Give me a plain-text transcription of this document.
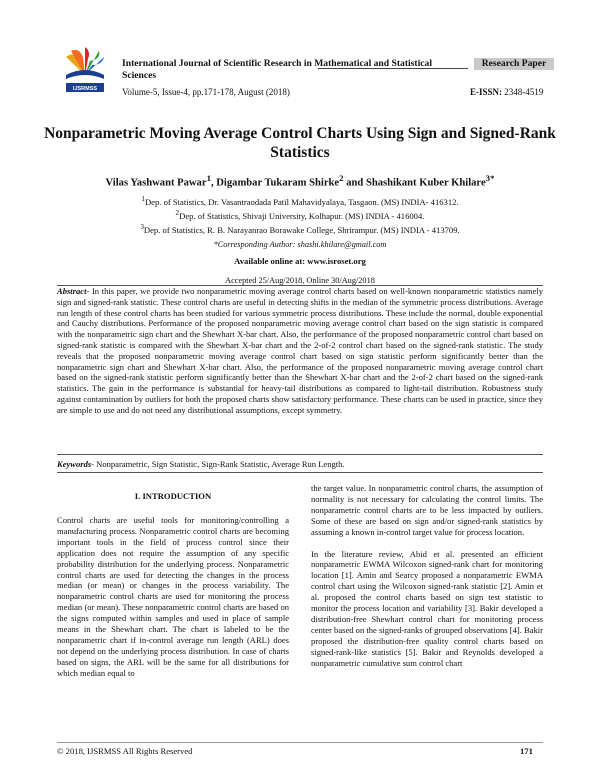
IJSRMSS
International Journal of Scientific Research in Mathematical and Statistical Sciences
Research Paper
Volume-5, Issue-4, pp.171-178, August (2018)	E-ISSN: 2348-4519
Nonparametric Moving Average Control Charts Using Sign and Signed-Rank Statistics
Vilas Yashwant Pawar$^1$, Digambar Tukaram Shirke$^2$ and Shashikant Kuber Khilare$^{3*}$
$^1$Dep. of Statistics, Dr. Vasantraodada Patil Mahavidyalaya, Tasgaon. (MS) INDIA- 416312.
$^2$Dep. of Statistics, Shivaji University, Kolhapur. (MS) INDIA - 416004.
$^3$Dep. of Statistics, R. B. Narayanrao Borawake College, Shrirampur. (MS) INDIA - 413709.
*Corresponding Author: shashi.khilare@gmail.com
Available online at: www.isroset.org
Accepted 25/Aug/2018, Online 30/Aug/2018
Abstract- In this paper, we provide two nonparametric moving average control charts based on well-known nonparametric statistics namely sign and signed-rank statistic. These control charts are useful in detecting shifts in the median of the symmetric process distributions. Average run length of these control charts has been studied for various symmetric process distributions. These include the normal, double exponential and Cauchy distributions. Performance of the proposed nonparametric moving average control chart based on the sign statistic is compared with the nonparametric sign chart and the Shewhart X-bar chart. Also, the performance of the proposed nonparametric control chart based on signed-rank statistic is compared with the Shewhart X-bar chart and the 2-of-2 control chart based on the signed-rank statistic. The study reveals that the proposed nonparametric moving average control chart based on sign statistic perform significantly better than the nonparametric sign chart and Shewhart X-bar chart. Also, the performance of the proposed nonparametric moving average control chart based on the signed-rank statistic perform significantly better than the Shewhart X-bar chart and the 2-of-2 chart based on the signed-rank statistics. The gain in the performance is substantial for heavy-tail distributions as compared to light-tail distribution. Robustness study against contamination by outliers for both the proposed charts show satisfactory performance. These charts can be used in practice, since they are simple to use and do not need any distributional assumptions, except symmetry.
Keywords- Nonparametric, Sign Statistic, Sign-Rank Statistic, Average Run Length.
I. INTRODUCTION

Control charts are useful tools for monitoring/controlling a manufacturing process. Nonparametric control charts are becoming important tools in the field of process control since their application does not require the assumption of any specific probability distribution for the underlying process. Nonparametric control charts are used for detecting the changes in the process median (or mean) or changes in the process variability. The nonparametric control charts are used for monitoring the process median (or mean). These nonparametric control charts are based on the signs computed within samples and used in place of sample means in the Shewhart chart. The chart is labeled to be the nonparametric chart if in-control average run length (ARL) does not depend on the underlying process distribution. In case of charts based on signs, the ARL will be the same for all distributions for which median equal to

the target value. In nonparametric control charts, the assumption of normality is not necessary for calculating the control limits. The nonparametric control charts are to be less impacted by outliers. Some of these are based on sign and/or signed-rank statistics by assuming a known in-control target value for process location.

In the literature review, Abid et al. presented an efficient nonparametric EWMA Wilcoxon signed-rank chart for monitoring location [1]. Amin and Searcy proposed a nonparametric EWMA control chart using the Wilcoxon signed-rank statistic [2]. Amin et al. proposed the control charts based on sign test statistic to monitor the process location and variability [3]. Bakir developed a distribution-free Shewhart control chart for monitoring process center based on the signed-ranks of grouped observations [4]. Bakir proposed the distribution-free quality control charts based on signed-rank-like statistics [5]. Bakir and Reynolds developed a nonparametric cumulative sum control chart

© 2018, IJSRMSS All Rights Reserved	171
